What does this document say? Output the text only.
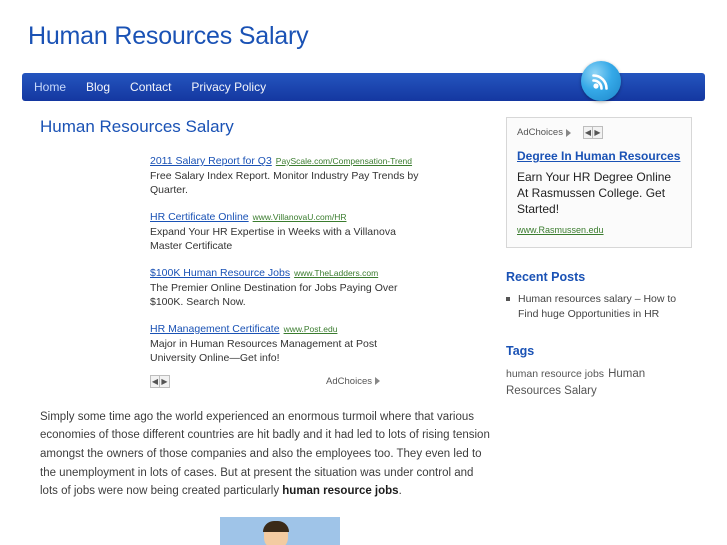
Human Resources Salary
Home Blog Contact Privacy Policy
Human Resources Salary
2011 Salary Report for Q3 PayScale.com/Compensation-Trend
Free Salary Index Report. Monitor Industry Pay Trends by Quarter.
HR Certificate Online www.VillanovaU.com/HR
Expand Your HR Expertise in Weeks with a Villanova Master Certificate
$100K Human Resource Jobs www.TheLadders.com
The Premier Online Destination for Jobs Paying Over $100K. Search Now.
HR Management Certificate www.Post.edu
Major in Human Resources Management at Post University Online—Get info!
◀ ▶	AdChoices
Simply some time ago the world experienced an enormous turmoil where that various economies of those different countries are hit badly and it had led to lots of rising tension amongst the owners of those companies and also the employees too. They even led to the unemployment in lots of cases. But at present the situation was under control and lots of jobs were now being created particularly human resource jobs.
AdChoices	◀ ▶
Degree In Human Resources
Earn Your HR Degree Online At Rasmussen College. Get Started!
www.Rasmussen.edu
Recent Posts
Human resources salary – How to Find huge Opportunities in HR
Tags
human resource jobs Human Resources Salary
